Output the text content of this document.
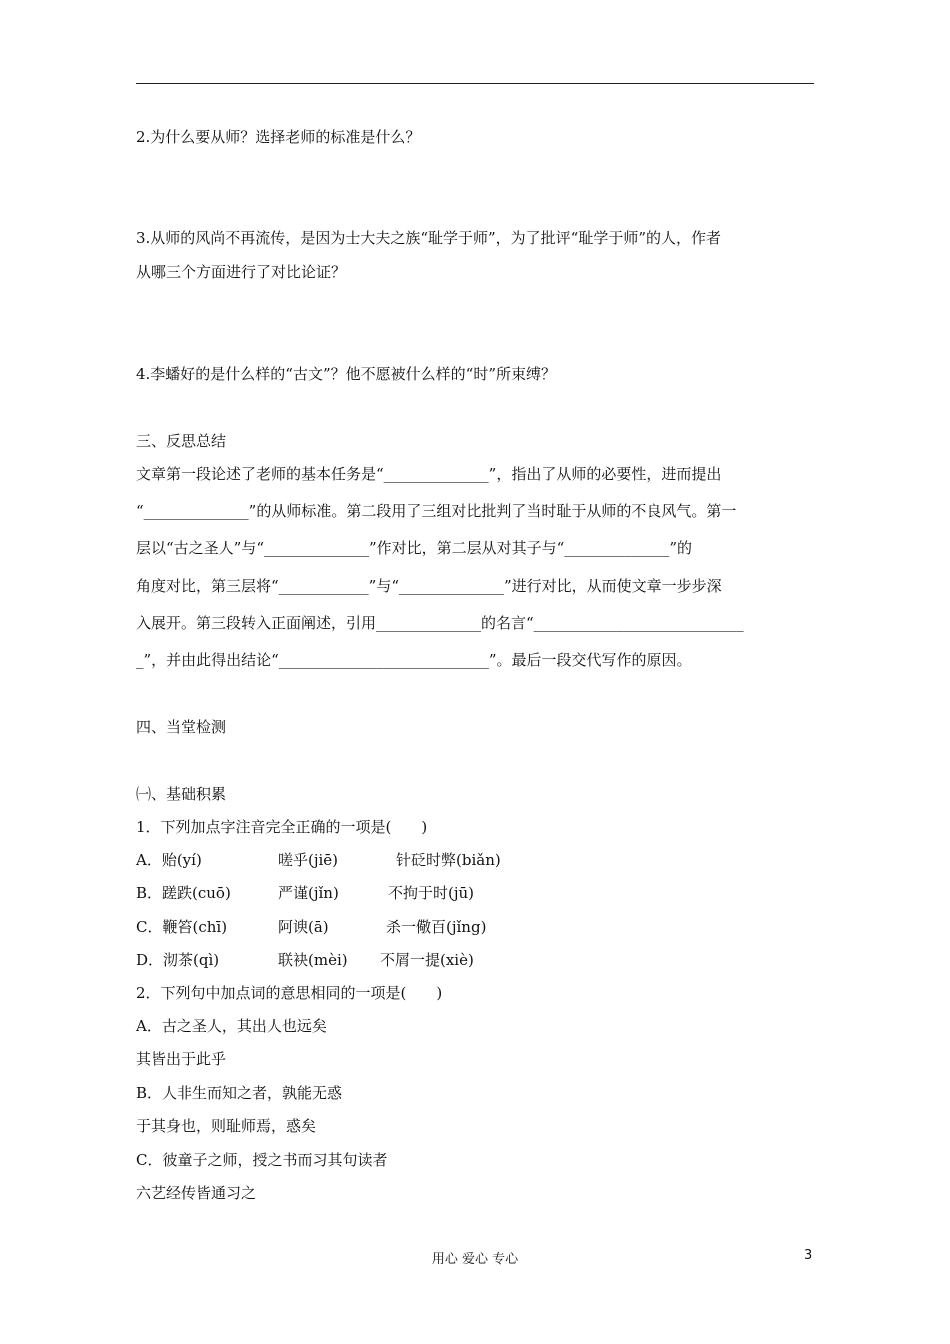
2.为什么要从师？选择老师的标准是什么？
3.从师的风尚不再流传，是因为士大夫之族“耻学于师”，为了批评“耻学于师”的人，作者
从哪三个方面进行了对比论证？
4.李蟠好的是什么样的“古文”？他不愿被什么样的“时”所束缚？
三、反思总结
文章第一段论述了老师的基本任务是“______________”，指出了从师的必要性，进而提出
“______________”的从师标准。第二段用了三组对比批判了当时耻于从师的不良风气。第一
层以“古之圣人”与“______________”作对比，第二层从对其子与“______________”的
角度对比，第三层将“____________”与“______________”进行对比，从而使文章一步步深
入展开。第三段转入正面阐述，引用______________的名言“____________________________
_”，并由此得出结论“____________________________”。最后一段交代写作的原因。
四、当堂检测
㈠、基础积累
1．下列加点字注音完全正确的一项是(　　)
A．贻(yí)	嗟乎(jiē)	针砭时弊(biǎn)
B．蹉跌(cuō)	严谨(jǐn)	不拘于时(jū)
C．鞭笞(chī)	阿谀(ā)	杀一儆百(jǐng)
D．沏茶(qì)	联袂(mèi) 不屑一提(xiè)
2．下列句中加点词的意思相同的一项是(　　)
A．古之圣人，其出人也远矣
其皆出于此乎
B．人非生而知之者，孰能无惑
于其身也，则耻师焉，惑矣
C．彼童子之师，授之书而习其句读者
六艺经传皆通习之
用心 爱心 专心	3
